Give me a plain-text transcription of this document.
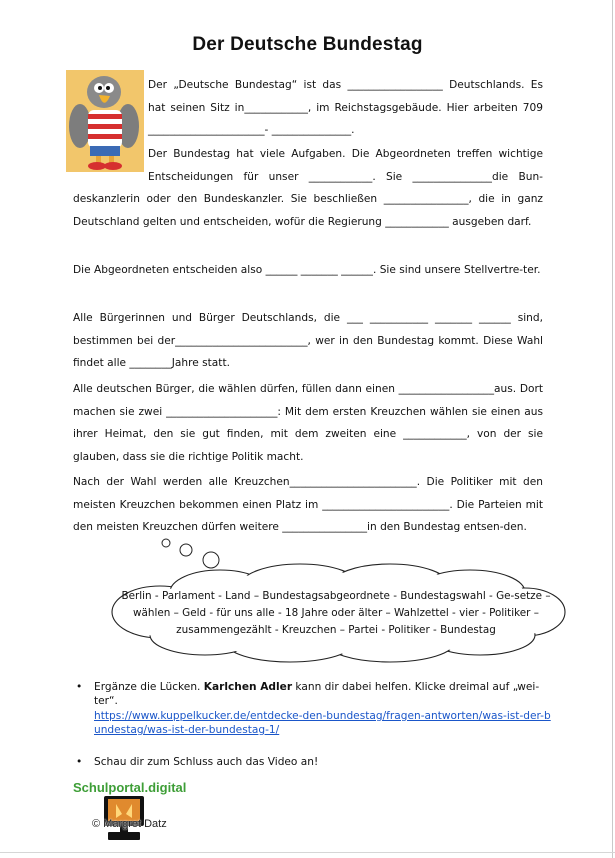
Der Deutsche Bundestag

Der „Deutsche Bundestag“ ist das __________________ Deutschlands. Es hat seinen Sitz in____________, im Reichstagsgebäude. Hier arbeiten 709 ______________________- _______________.

Der Bundestag hat viele Aufgaben. Die Abgeordneten treffen wichtige Entscheidungen für unser ____________. Sie _______________die Bun-deskanzlerin oder den Bundeskanzler. Sie beschließen ________________, die in ganz Deutschland gelten und entscheiden, wofür die Regierung ____________ ausgeben darf.

Die Abgeordneten entscheiden also ______ _______ ______. Sie sind unsere Stellvertre-ter.

Alle Bürgerinnen und Bürger Deutschlands, die ___ ___________ _______ ______ sind, bestimmen bei der_________________________, wer in den Bundestag kommt. Diese Wahl findet alle ________Jahre statt.

Alle deutschen Bürger, die wählen dürfen, füllen dann einen __________________aus. Dort machen sie zwei _____________________: Mit dem ersten Kreuzchen wählen sie einen aus ihrer Heimat, den sie gut finden, mit dem zweiten eine ____________, von der sie glauben, dass sie die richtige Politik macht.

Nach der Wahl werden alle Kreuzchen________________________. Die Politiker mit den meisten Kreuzchen bekommen einen Platz im ________________________. Die Parteien mit den meisten Kreuzchen dürfen weitere ________________in den Bundestag entsen-den.

Berlin - Parlament - Land – Bundestagsabgeordnete - Bundestagswahl - Ge-setze – wählen – Geld - für uns alle - 18 Jahre oder älter – Wahlzettel - vier - Politiker – zusammengezählt - Kreuzchen – Partei - Politiker - Bundestag
• Ergänze die Lücken. Karlchen Adler kann dir dabei helfen. Klicke dreimal auf „wei-ter“.
https://www.kuppelkucker.de/entdecke-den-bundestag/fragen-antworten/was-ist-der-bundestag/was-ist-der-bundestag-1/
• Schau dir zum Schluss auch das Video an!
Schulportal.digital
© Margret Datz
